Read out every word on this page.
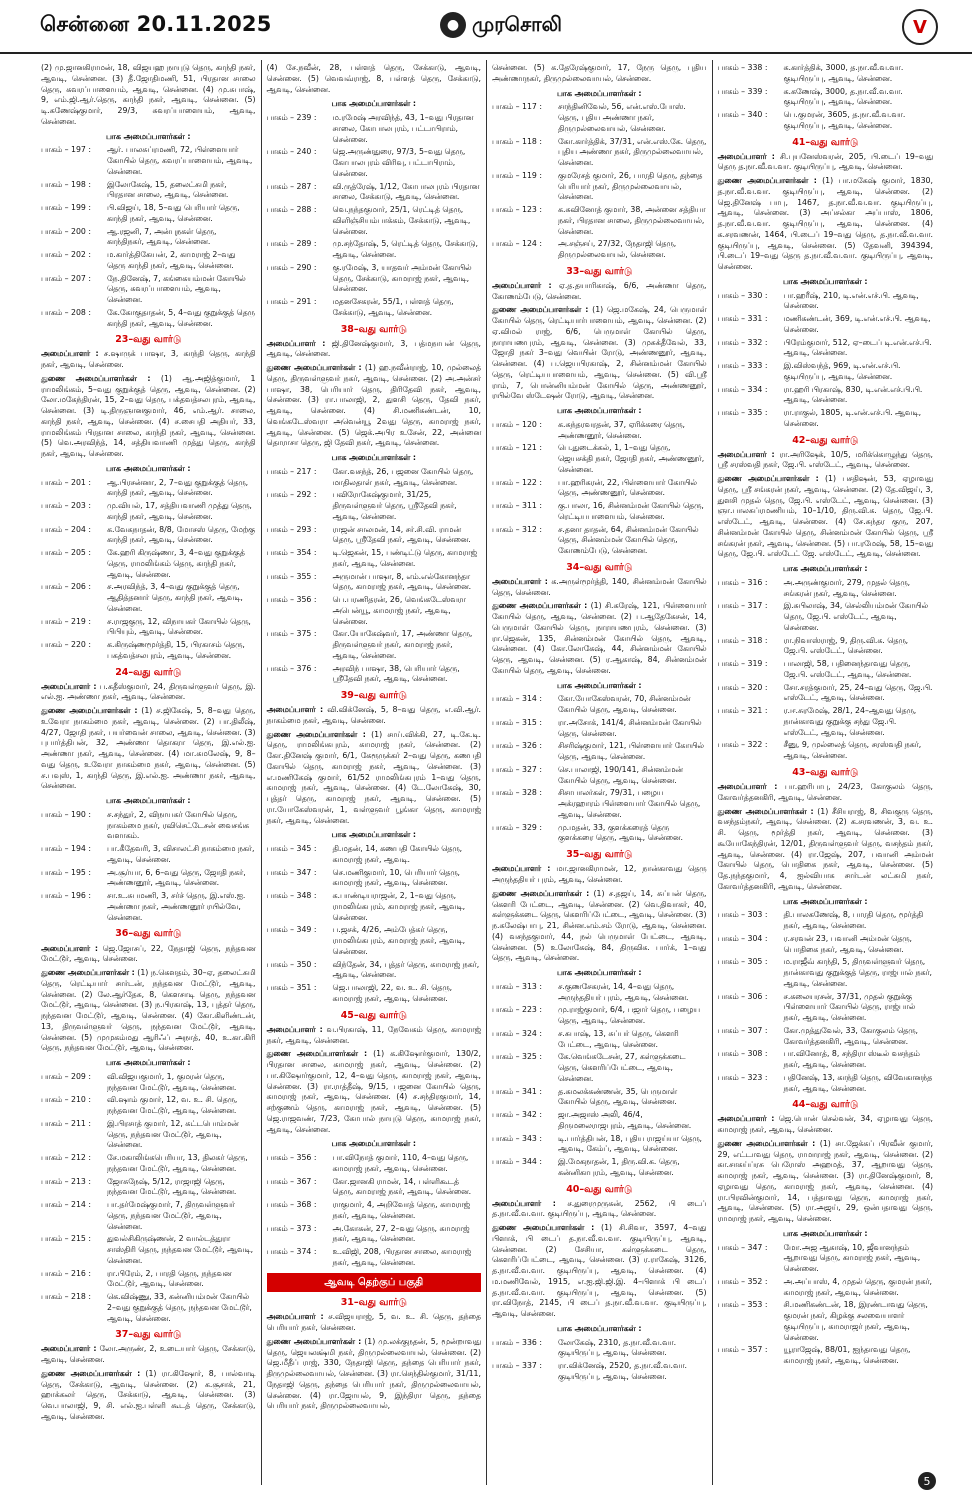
சென்னை 20.11.2025	● முரசொலி	V

(2) மு.ஜானகிராமன், 18, விஜயஹ நாயுடு தெரு, காந்தி நகர், ஆவடி, சென்னை. (3) தீ.ஜோதிமணி, 51, பிரதான சாலை தெரு, கவரப்பாளையம், ஆவடி, சென்னை. (4) மு.சுபாஷ், 9, எம்.ஜி.ஆர்.தெரு, காந்தி நகர், ஆவடி, சென்னை. (5) டி.கணேஷ்குமார், 29/3, சுவரப்பாளையம், ஆவடி, சென்னை.

பாக அமைப்பாளர்கள் :
பாகம் – 197 :	ஆர். பாலசுப்ரமணி, 72, பிள்ளையார் கோயில் தெரு, கவரப்பாளையம், ஆவடி, சென்னை.
பாகம் – 198 :	இலோகேஷ், 15, தலைட்சுமி நகர், பிரதான சாலை, ஆவடி, சென்னை.
பாகம் – 199 :	பி.விஜய், 18, 5–வது பெரியார் தெரு, காந்தி நகர், ஆவடி, சென்னை.
பாகம் – 200 :	ஆ.ரஜனி, 7, அன்புநகள் தெரு, காந்திநகர், ஆவடி, சென்னை.
பாகம் – 202 :	ம.கார்த்திகேயன், 2, காமராஜ் 2–வது தெரு காந்தி நகர், ஆவடி, சென்னை.
பாகம் – 207 :	நே.தினேஷ், 7, கங்கையம்மன் கோயில் தெரு, கவரப்பாளையம், ஆவடி, சென்னை.
பாகம் – 208 :	கே.கோகுதாதன், 5, 4–வது குறுக்குத் தெரு காந்தி நகர், ஆவடி, சென்னை.
23–வது வார்டு

அமைப்பாளர் : ச.ஷாருக் பாஷா, 3, காந்தி தெரு, காந்தி நகர், ஆவடி, சென்னை.

துணை அமைப்பாளர்கள் : (1) ஆ.அஜித்குமார், 1 ராமலிங்கம், 5–வது குறுக்குத் தெரு, ஆவடி, சென்னை. (2) லோ.மகேந்திரன், 15, 2–வது தெரு, பக்தவத்சலபுரம், ஆவடி, சென்னை. (3) டி.திருஞானகுமார், 46, எம்.ஆர். சாலை, காந்தி நகர், ஆவடி, சென்னை. (4) ச.சைபதி அதியர், 33, ராமலிங்கம் பிரதான சாலை, காந்தி நகர், ஆவடி, சென்னை. (5) வெ.அரவிந்த், 14, சத்தியவாணி முத்து தெரு, காந்தி நகர், ஆவடி, சென்னை.

பாக அமைப்பாளர்கள் :
பாகம் – 201 :	ஆ.பிரசன்னா, 2, 7–வது குறுக்குத் தெரு, காந்தி நகர், ஆவடி, சென்னை.
பாகம் – 203 :	மு.வியல், 17, சத்தியவாணி முத்து தெரு, காந்தி நகர், ஆவடி, சென்னை.
பாகம் – 204 :	க.வேகநாதன், 8/8, மோசஸ் தெரு, மேற்கு காந்தி நகர், ஆவடி, சென்னை.
பாகம் – 205 :	கே.ஹரி கிருஷ்ணா, 3, 4–வது குறுக்குத் தெரு, ராமலிங்கம் தெரு, காந்தி நகர், ஆவடி, சென்னை.
பாகம் – 206 :	ச.அரவிந்த், 3, 4–வது குறுக்குத் தெரு, ஆதித்தனார் தெரு, காந்தி நகர், ஆவடி, சென்னை.
பாகம் – 219 :	ச.ராஜகுரு, 12, விநாயகர் கோயில் தெரு, பிபியும், ஆவடி, சென்னை.
பாகம் – 220 :	க.கிருஷ்ணமூர்த்தி, 15, பிரகாசம் தெரு, பகத்வத்சலபுரம், ஆவடி, சென்னை.
24–வது வார்டு

அமைப்பாளர் : ப.கதீஸ்குமார், 24, திருவள்ளுவர் தெரு, இ. எல்.ஐ. அண்ணா நகர், ஆவடி, சென்னை.

துணை அமைப்பாளர்கள் : (1) ச.ஜிகேஷ், 5, 8–வது தெரு, உவேரா நாகம்மை நகர், ஆவடி, சென்னை. (2) பா.திலீஷ், 4/27, ஜோதி நகர், பயர்வைன் சாலை, ஆவடி, சென்னை. (3) புபார்த்திபன், 32, அண்ணா தொகரா தெரு, இ.எல்.ஐ. அண்ணா நகர், ஆவடி, சென்னை. (4) மா.கமலேஷ், 9, 8–வது தெரு, உவேரா நாகம்மை நகர், ஆவடி, சென்னை. (5) ச.பவுஸ், 1, காந்தி தெரு, இ.எல்.ஐ. அண்ணா நகர், ஆவடி, சென்னை.

பாக அமைப்பாளர்கள் :
பாகம் – 190 :	ச.சந்துர், 2, விநாயகர் கோயில் தெரு, நாகம்மை நகர், ரவிசெட்டேசன் வைசங்க வளாகம்.
பாகம் – 194 :	பா.கீதேவரி, 3, விசாலட்சி நாகம்மை நகர், ஆவடி, சென்னை.
பாகம் – 195 :	அ.சூர்யா, 6, 6–வது தெரு, ஜோதி நகர், அண்ணனூர், ஆவடி, சென்னை.
பாகம் – 196 :	சா.உ.சுபமணி, 3, சர்ச் தெரு, இ.எஸ்.ஐ. அண்ணா நகர், அண்ணனூர் ரயில்வே, சென்னை.
36–வது வார்டு

அமைப்பாளர் : ஜெ.ஜோசப், 22, நேதாஜி தெரு, நந்தவன மேட்டூர், ஆவடி, சென்னை.

துணை அமைப்பாளர்கள் : (1) ந.கௌதம், 30–ஏ, தலைட்சுமி தெரு, ரெட்டியார் சார்டன், நந்தவன மேட்டூர், ஆவடி, சென்னை. (2) லே.ஆர்தேசு, 8, கௌசாடி தெரு, நந்தவன மேட்டூர், ஆவடி, சென்னை. (3) ந.பிரகாஷ், 13, புத்தர் தெரு, நந்தவன மேட்டூர், ஆவடி, சென்னை. (4) கோ.கிளிண்டன், 13, திருவள்ளுவர் தெரு, நந்தவன மேட்டூர், ஆவடி, சென்னை. (5) முமுகம்மது ஆரிஃப் அநாத், 40, உ.கா.கிரி தெரு, நந்தவன மேட்டூர், ஆவடி, சென்னை.

பாக அமைப்பாளர்கள் :
பாகம் – 209 :	வி.விஜயகுமார், 1, குமரன் தெரு, நந்தவன மேட்டூர், ஆவடி, சென்னை.
பாகம் – 210 :	வி.ஷாம் குமார், 12, வ. உ. சி. தெரு, நந்தவன மேட்டூர், ஆவடி, சென்னை.
பாகம் – 211 :	இ.பிரசாத் குமார், 12, கட்டபொம்மன் தெரு, நந்தவன மேட்டூர், ஆவடி, சென்னை.
பாகம் – 212 :	சே.மகாலிங்கபெரியா, 13, திலகர் தெரு, நந்தவன மேட்டூர், ஆவடி, சென்னை.
பாகம் – 213 :	ஜோசுநேஷ், 5/12, ராஜாஜி தெரு, நந்தவன மேட்டூர், ஆவடி, சென்னை.
பாகம் – 214 :	பா.தர்மேஷ்குமார், 7, திருவள்ளுவர் தெரு, நந்தவன மேட்டூர், ஆவடி, சென்னை.
பாகம் – 215 :	துவல்சிகிருஷ்ணன், 2 வால்டத்துரா சாஸ்திரி தெரு, நந்தவன மேட்டூர், ஆவடி, சென்னை.
பாகம் – 216 :	ரா.பிரேம், 2, பாரதி தெரு, நந்தவன மேட்டூர், ஆவடி, சென்னை.
பாகம் – 218 :	கெ.விஷ்ணு, 33, கன்னியம்மன் கோயில் 2–வது குறுக்குத் தெரு, நந்தவன மேட்டூர், ஆவடி, சென்னை.
37–வது வார்டு

அமைப்பாளர் : லோ.அருண், 2, உடையார் தெரு, சேக்காடு, ஆவடி, சென்னை.

துணை அமைப்பாளர்கள் : (1) ரா.கிஷோர், 8, பால்வாடி தெரு, சேக்காடு, ஆவடி, சென்னை. (2) க.சூசாக், 21, ஹாக்கலர் தெரு, சேக்காடு, ஆவடி, சென்னை. (3) வெ.பாலாஜி, 9, சி. எல்.ஐ.பள்ளி கூடத் தெரு, சேக்காடு, ஆவடி, சென்னை.

(4) சே.நவீன், 28, பள்ளத் தெரு, சேக்காடு, ஆவடி, சென்னை. (5) வெவவ்ராஜ், 8, பள்ளத் தெரு, சேக்காடு, ஆவடி, சென்னை.

பாக அமைப்பாளர்கள் :
பாகம் – 239 :	ம.ரமேஷ் அரவிந்த், 43, 1–வது பிரதான சாலை, கோபாலபுரம், பட்டாபிராம், சென்னை.
பாகம் – 240 :	ஜெ.அருண்துரை, 97/3, 5–வது தெரு, கோபாலபுரம் விரிவு, பட்டாபிராம், சென்னை.
பாகம் – 287 :	வி.ருத்ரேஷ், 1/12, கோபாலபுரம் பிரதான சாலை, சேக்காடு, ஆவடி, சென்னை.
பாகம் – 288 :	வெ.நந்தகுமார், 25/1, ரெட்டித் தெரு, விளிஞ்சியம்பாக்கம், சேக்காடு, ஆவடி, சென்னை.
பாகம் – 289 :	மு.சந்தோஷ், 5, ரெட்டித் தெரு, சேக்காடு, ஆவடி, சென்னை.
பாகம் – 290 :	கு.ரமேஷ், 3, யாதவர் அம்மன் கோயில் தெரு, சேக்காடு, காமராஜ் நகர், ஆவடி, சென்னை.
பாகம் – 291 :	மதனசேகரன், 55/1, பள்ளத் தெரு, சேக்காடு, ஆவடி, சென்னை.
38–வது வார்டு

அமைப்பாளர் : ஜி.தினேஷ்குமார், 3, பத்மநாபன் தெரு, ஆவடி, சென்னை.

துணை அமைப்பாளர்கள் : (1) ஹ.நவீன்ராஜ், 10, முல்லைத் தெரு, திருவள்ளுவர் நகர், ஆவடி, சென்னை. (2) அ.அன்சர் பாஷா, 38, பெரியார் தெரு, திரிதேவி நகர், ஆவடி, சென்னை. (3) ரா.பாலாஜி, 2, துளசி தெரு, தேவி நகர், ஆவடி, சென்னை. (4) சி.மணிகண்டன், 10, வெங்கடேஸ்வரா அவென்யூ 2வது தெரு, காமராஜ் நகர், ஆவடி, சென்னை. (5) ஜெக்.அபிர உசேன், 22, அன்னை தொராசா தெரு, ஜி தேவி நகர், ஆவடி, சென்னை.

பாக அமைப்பாளர்கள் :
பாகம் – 217 :	கோ.வசந்த், 26, பஜனை கோயில் தெரு, மாதிலதாள் நகர், ஆவடி, சென்னை.
பாகம் – 292 :	பவிரோகேஷ்குமார், 31/25, திருவள்ளுவர் தெரு, ஸ்ரீதேவி நகர், ஆவடி, சென்னை.
பாகம் – 293 :	ராஜன் சாலமன், 14, சர்.சி.வி. ராமன் தெரு, ஸ்ரீதேவி நகர், ஆவடி, சென்னை.
பாகம் – 354 :	டி.ஜெகன், 15, பண்டிட்டு தெரு, காமராஜ் நகர், ஆவடி, சென்னை.
பாகம் – 355 :	அருமான் பாஷா, 8, எம்.எல்கோனந்தா தெரு, காமராஜ் நகர், ஆவடி, சென்னை.
பாகம் – 356 :	பெ.பரணிதரன், 26, வெங்கடேஸ்வரா அபென்யூ, காமராஜ் நகர், ஆவடி, சென்னை.
பாகம் – 375 :	கோ.யோகேஷ்வர், 17, அண்ணா தெரு, திருவள்ளுவர் நகர், காமராஜ் நகர், ஆவடி, சென்னை.
பாகம் – 376 :	அரவிந் பாஷா, 38, பெரியார் தெரு, ஸ்ரீதேவி நகர், ஆவடி, சென்னை.
39–வது வார்டு

அமைப்பாளர் : வி.விக்னேஷ், 5, 8–வது தெரு, எ.வி.ஆர். நாகம்மை நகர், ஆவடி, சென்னை.

துணை அமைப்பாளர்கள் : (1) சாய்.விக்கி, 27, டி.கே.டி. தெரு, ராமலிங்கபுரம், காமராஜ் நகர், சென்னை. (2) கோ.தினேஷ் குமார், 6/1, கேரூருக்கர் 2–வது தெரு, கணபதி கோயில் தெரு, காமராஜ் நகர், ஆவடி, சென்னை. (3) எ.மணிகேஷ் குமார், 61/52 ராமலிங்கபுரம் 1–வது தெரு, காமராஜ் நகர், ஆவடி, சென்னை. (4) டே.லோகேஷ், 30, புத்தர் தெரு, காமராஜ் நகர், ஆவடி, சென்னை. (5) ரா.யோகேஸ்வரன், 1, வள்ளுவர் பூங்கா தெரு, காமராஜ் நகர், ஆவடி, சென்னை.

பாக அமைப்பாளர்கள் :
பாகம் – 345 :	தி.மதன், 14, கணபதி கோயில் தெரு, காமராஜ் நகர், ஆவடி.
பாகம் – 347 :	செ.மணிகுமார், 10, பெரியார் தெரு, காமராஜ் நகர், ஆவடி, சென்னை.
பாகம் – 348 :	க.பாண்டியராஜன், 2, 1–வது தெரு, ராமலிங்கபுரம், காமராஜ் நகர், ஆவடி, சென்னை.
பாகம் – 349 :	ப.ஜசக், 4/26, அம்பேத்கர் தெரு, ராமலிங்கபுரம், காமராஜ் நகர், ஆவடி, சென்னை.
பாகம் – 350 :	விந்தேன், 34, புத்தர் தெரு, காமராஜ் நகர், ஆவடி, சென்னை.
பாகம் – 351 :	ஜெ.பாலாஜி, 22, வ. உ. சி. தெரு, காமராஜ் நகர், ஆவடி, சென்னை.
45–வது வார்டு

அமைப்பாளர் : வ.பிரகாஷ், 11, நேவேகம் தெரு, காமராஜ் நகர், ஆவடி, சென்னை.

துணை அமைப்பாளர்கள் : (1) க.கிஷோர்குமார், 130/2, பிரதான சாலை, காமராஜ் நகர், ஆவடி, சென்னை. (2) பா.கிஷோர்குமார், 12, 4–வது தெரு, காமராஜ் நகர், ஆவடி, சென்னை. (3) ரா.ராத்தீஷ், 9/15, பஜனை கோயில் தெரு, காமராஜ் நகர், ஆவடி, சென்னை. (4) ச.சந்திரகுமார், 14, சற்குணம் தெரு, காமராஜ் நகர், ஆவடி, சென்னை. (5) ஜெ.ராஜவண், 7/23, கோபால் நாயுடு தெரு, காமராஜ் நகர், ஆவடி, சென்னை.

பாக அமைப்பாளர்கள் :
பாகம் – 356 :	பா.விநோத் குமார், 110, 4–வது தெரு, காமராஜ் நகர், ஆவடி, சென்னை.
பாகம் – 367 :	கோ.ஜானகி ராமன், 14, பள்ளிகூடத் தெரு, காமராஜ் நகர், ஆவடி, சென்னை.
பாகம் – 368 :	ராகுமார், 4, அறிவோத் தெரு, காமராஜ் நகர், ஆவடி, சென்னை.
பாகம் – 373 :	அ.கோகன், 27, 2–வது தெரு, காமராஜ் நகர், ஆவடி, சென்னை.
பாகம் – 374 :	உ.விஜி, 208, பிரதான சாலை, காமராஜ் நகர், ஆவடி, சென்னை.
ஆவடி தெற்குப் பகுதி
31–வது வார்டு

அமைப்பாளர் : ச.விஜயராஜ், 5, வ. உ. சி. தெரு, தந்தை பெரியார் நகர், சென்னை.

துணை அமைப்பாளர்கள் : (1) மு.லக்குநதன், 5, மூன்றாவது தெரு, ஜெயலக்ஷ்மி நகர், திருமுல்லைவாயல், சென்னை. (2) ஜெ.மீதீப் ராஜ், 330, நேதாஜி தெரு, தந்தை பெரியார் நகர், திருமுல்லைவாயல், சென்னை. (3) ரா.செந்தில்குமார், 31/11, நேதாஜி தெரு, தந்தை பெரியார் நகர், திருமுல்லைவாயல், சென்னை. (4) ரா.ஜோயல், 9, இந்திரா தெரு, தந்தை பெரியார் நகர், திருமுல்லைவாயல்,

சென்னை. (5) க.தேரேஷ்குமார், 17, நேரு தெரு, புதிய அண்ணாநகர், திருமுல்லைவாயல், சென்னை.

பாக அமைப்பாளர்கள் :
பாகம் – 117 :	சாந்தினிவேல், 56, என்.எஸ்.போஸ். தெரு, புதிய அண்ணா நகர், திருமுல்லைவாயல், சென்னை.
பாகம் – 118 :	கோ.கார்த்திக், 37/31, என்.எஸ்.கே. தெரு, புதிய அண்ணா நகர், திருமுல்லைவாயல், சென்னை.
பாகம் – 119 :	குமரேசத் குமார், 26, பாரதி தெரு, தந்தை பெரியார் நகர், திருமுல்லைவாயல், சென்னை.
பாகம் – 123 :	க.சுவினோத் குமார், 38, அன்னை சத்தியா நகர், பிரதான சாலை, திருமுல்லைவாயல், சென்னை.
பாகம் – 124 :	அ.சஞ்சய், 27/32, நேதாஜி தெரு, திருமுல்லைவாயல், சென்னை.
33–வது வார்டு

அமைப்பாளர் : ஏ.த.தயாரிகாஷ், 6/6, அண்ணா தெரு, கோணம்பேடு, சென்னை.

துணை அமைப்பாளர்கள் : (1) ஜெ.மகேஷ், 24, பெருமாள் கோயில் தெரு, ரெட்டியார்பாளையம், ஆவடி, சென்னை. (2) ஏ.விமல் ராஜ், 6/6, பெருமாள் கோயில் தெரு, நாராயணபுரம், ஆவடி, சென்னை. (3) முசுக்தீவேல், 33, ஜோதி நகர் 3–வது வெயின் ரோடு, அண்ணனூர், ஆவடி, சென்னை. (4) ப.ஜெயபிரகாஷ், 2, சின்னம்மன் கோயில் தெரு, ரெட்டியபாளையம், ஆவடி, சென்னை. (5) வி.ஸ்ரீ ராம், 7, பொன்னியம்மன் கோயில் தெரு, அண்ணனூர், ரயில்வே ஸ்டேஷன் ரோடு, ஆவடி, சென்னை.

பாக அமைப்பாளர்கள் :
பாகம் – 120 :	க.சுந்தரவரதன், 37, ஏரிக்கரை தெரு, அண்ணனூர், சென்னை.
பாகம் – 121 :	பெ.துடைக்கல், 1, 1–வது தெரு, ஜெயசக்தி நகர், ஜோதி நகர், அண்ணனூர், சென்னை.
பாகம் – 122 :	பா.ஹரிகரன், 22, பிள்ளையார் கோயில் தெரு, அண்ணனூர், சென்னை.
பாகம் – 311 :	கு.பாலா, 16, சின்னம்மன் கோயில் தெரு, ரெட்டியபாளையம், சென்னை.
பாகம் – 312 :	ச.தனா தாதன், 64, சின்னம்மன் கோயில் தெரு, சின்னம்மன் கோயில் தெரு, கோணம்பேடு, சென்னை.
34–வது வார்டு

அமைப்பாளர் : க.அருள்மூர்த்தி, 140, சின்னம்மன் கோயில் தெரு, சென்னை.

துணை அமைப்பாளர்கள் : (1) சி.கரேஷ், 121, பிள்ளையார் கோயில் தெரு, ஆவடி, சென்னை. (2) ப.ஆதேகேசன், 14, பெருமாள் கோயில் தெரு, நாராயணபுரம், சென்னை. (3) ரா.ஜெகன், 135, சின்னம்மன் கோயில் தெரு, ஆவடி, சென்னை. (4) கோ.லோகேஷ், 44, சின்னம்மன் கோயில் தெரு, ஆவடி, சென்னை. (5) ர.ஆகாஷ், 84, சின்னம்மன் கோயில் தெரு, ஆவடி, சென்னை.

பாக அமைப்பாளர்கள் :
பாகம் – 314 :	கோ.யோகேஸ்வரன், 70, சின்னம்மன் கோயில் தெரு, ஆவடி, சென்னை.
பாகம் – 315 :	ரா.அசோக், 141/4, சின்னம்மன் கோயில் தெரு, சென்னை.
பாகம் – 326 :	சிசரிஷ்குமார், 121, பிள்ளையார் கோயில் தெரு, ஆவடி, சென்னை.
பாகம் – 327 :	செ.பாலாஜி, 190/141, சின்னம்மன் கோயில் தெரு, ஆவடி, சென்னை.
பாகம் – 328 :	சிசாபாலர்கள், 79/31, பழைய அக்ரஹாரம் பிள்ளையார் கோயில் தெரு, ஆவடி, சென்னை.
பாகம் – 329 :	மு.மதன், 33, குளக்கரைத் தெரு குளக்கரை தெரு, ஆவடி, சென்னை.
35–வது வார்டு

அமைப்பாளர் : மா.ஜானகிராமன், 12, நான்காவது தெரு அருந்ததியர் புரம், ஆவடி, சென்னை.

துணை அமைப்பாளர்கள் : (1) ச.தஜய், 14, சுப்பன் தெரு, கௌரி பேட்டை, ஆவடி, சென்னை. (2) வெ.திவாகர், 40, கள்ளுக்கடை தெரு, கௌரிப்பேட்டை, ஆவடி, சென்னை. (3) ந.கலேஷ்பாபு, 21, சின்ன.எம்.சம் ரோடு, ஆவடி, சென்னை. (4) வசந்தகுமார், 44, நல் பெருமாள் பேட்டை, ஆவடி, சென்னை. (5) உலோகேஷ், 84, திருவிக. பார்க், 1–வது தெரு, ஆவடி, சென்னை.

பாக அமைப்பாளர்கள் :
பாகம் – 313 :	ச.குணசேகரன், 14, 4–வது தெரு, அருந்ததியர் புரம், ஆவடி, சென்னை.
பாகம் – 223 :	மு.ராஜ்குமார், 6/4, பஜார் தெரு, பழைய தெரு, ஆவடி, சென்னை.
பாகம் – 324 :	ச.சுபாஷ், 13, சுப்பர் தெரு, கௌரி பேட்டை, ஆவடி, சென்னை.
பாகம் – 325 :	கே.வெங்கடேசன், 27, கள்ளுக்கடை தெரு, கௌரிப்பேட்டை, ஆவடி, சென்னை.
பாகம் – 341 :	த.கமலக்கண்ணன், 35, பெருமாள் கோயில் தெரு, ஆவடி, சென்னை.
பாகம் – 342 :	ஜா.அஜாஸ் அலி, 46/4, திருமலைராஜபுரம், ஆவடி, சென்னை.
பாகம் – 343 :	டி.பார்த்திபன், 18, புதிய ராஜய்யா தெரு, ஆவடி, கேம்ப், ஆவடி, சென்னை.
பாகம் – 344 :	இ.மேகநாதன், 1, திரு.வி.க. தெரு, கன்னிகாபுரம், ஆவடி, சென்னை.
40–வது வார்டு

அமைப்பாளர் : ச.துரைமுருகன், 2562, பி டைப் த.நா.வீ.வ.வா. குடியிருப்பு, ஆவடி, சென்னை.

துணை அமைப்பாளர்கள் : (1) சி.சிவா, 3597, 4–வது பிளாக், பி டைப் த.நா.வீ.வ.வா. குடியிருப்பு, ஆவடி, சென்னை. (2) சேசியா, கள்ளுக்கடை தெரு, கௌரிப்பேட்டை, ஆவடி, சென்னை. (3) ர.ராகேஷ், 3126, த.நா.வீ.வ.வா. குடியிருப்பு, ஆவடி, சென்னை. (4) ம.மணிவேல், 1915, எ.ஐ.ஜி.ஜி.இ. 4–பிளாக் பி டைப் த.நா.வீ.வ.வா. குடியிருப்பு, ஆவடி, சென்னை. (5) ரா.விநோத், 2145, பி டைப் த.நா.வீ.வ.வா. குடியிருப்பு, ஆவடி, சென்னை.

பாக அமைப்பாளர்கள் :
பாகம் – 336 :	லோகேஷ், 2310, த.நா.வீ.வ.வா. குடியிருப்பு, ஆவடி, சென்னை.
பாகம் – 337 :	ரா.விக்னேஷ், 2520, த.நா.வீ.வ.வா. குடியிருப்பு, ஆவடி, சென்னை.
பாகம் – 338 :	க.கார்த்திக், 3000, த.நா.வீ.வ.வா. குடியிருப்பு, ஆவடி, சென்னை.
பாகம் – 339 :	க.கணேஷ், 3000, த.நா.வீ.வ.வா. குடியிருப்பு, ஆவடி, சென்னை.
பாகம் – 340 :	பெ.குமரன், 3605, த.நா.வீ.வ.வா. குடியிருப்பு, ஆவடி, சென்னை.
41–வது வார்டு

அமைப்பாளர் : சி.புயனேஸ்வரன், 205, பி.டைப் 19–வது தெரு த.நா.வீ.வ.வா. குடியிருப்பு, ஆவடி, சென்னை.

துணை அமைப்பாளர்கள் : (1) பா.மகேஷ் குமார், 1830, த.நா.வீ.வ.வா. குடியிருப்பு, ஆவடி, சென்னை. (2) ஜெ.தினேஷ் பாபு, 1467, த.நா.வீ.வ.வா. குடியிருப்பு, ஆவடி, சென்னை. (3) அப்சல்கா அப்பாஸ், 1806, த.நா.வீ.வ.வா. குடியிருப்பு, ஆவடி, சென்னை. (4) க.சரவணன், 1464, பி.டைப் 19–வது தெரு, த.நா.வீ.வ.வா. குடியிருப்பு, ஆவடி, சென்னை. (5) தேவனி, 394394, பி.டைப் 19–வது தெரு த.நா.வீ.வ.வா. குடியிருப்பு, ஆவடி, சென்னை.

பாக அமைப்பாளர்கள் :
பாகம் – 330 :	பா.ஹரீஷ், 210, டி.என்.எச்.பி. ஆவடி, சென்னை.
பாகம் – 331 :	மணிகண்டன், 369, டி.என்.எச்.பி. ஆவடி, சென்னை.
பாகம் – 332 :	பிரேம்குமார், 512, ஏ–டைப் டி.என்.எச்.பி. ஆவடி, சென்னை.
பாகம் – 333 :	இ.விஸ்வந்த், 969, டி.என்.எச்.பி. குடியிருப்பு, ஆவடி, சென்னை.
பாகம் – 334 :	ரா.ஹரி பிரகாஷ், 830, டி.என்.எச்.பி.பி. ஆவடி, சென்னை.
பாகம் – 335 :	ரா.ராகுல், 1805, டி.என்.எச்.பி. ஆவடி, சென்னை.
42–வது வார்டு

அமைப்பாளர் : ரா.அரிஷேக், 10/5, மரிக்கொழுந்து தெரு, ஸ்ரீ சரஸ்வதி நகர், ஜே.பி. எஸ்டேட், ஆவடி, சென்னை.

துணை அமைப்பாளர்கள் : (1) பசதிஷன், 53, ஏழாவது தெரு, ஸ்ரீ சங்கரன் நகர், ஆவடி, சென்னை. (2) தே.விஜய், 3, துளசி முதல் தெரு, ஜே.பி. எஸ்டேட், ஆவடி, சென்னை. (3) ஞா.பாலசுப்ரமணியம், 10–1/10, திரு.வி.க. தெரு, ஜே.பி. எஸ்டேட், ஆவடி, சென்னை. (4) சே.சுந்தர குரு, 207, சின்னம்மன் கோயில் தெரு, சின்னம்மன் கோயில் தெரு, ஸ்ரீ சங்கரன் நகர், ஆவடி, சென்னை. (5) பா.ரமேஷ், 58, 15–வது தெரு, ஜே.பி. எஸ்டேட் ஜே. எஸ்டேட், ஆவடி, சென்னை.

பாக அமைப்பாளர்கள் :
பாகம் – 316 :	அ.அருண்குமார், 279, முதல் தெரு, சங்கரன் நகர், ஆவடி, சென்னை.
பாகம் – 317 :	இ.சுபிலாஷ், 34, செல்லியம்மன் கோயில் தெரு, ஜே.பி. எஸ்டேட், ஆவடி, சென்னை.
பாகம் – 318 :	ரா.நிவாஸ்ராஜ், 9, திரு.வி.க. தெரு, ஜே.பி. எஸ்டேட், சென்னை.
பாகம் – 319 :	பாலாஜி, 58, பதினைந்தாவது தெரு, ஜே.பி. எஸ்டேட், ஆவடி, சென்னை.
பாகம் – 320 :	சோ.சரத்குமார், 25, 24–வது தெரு, ஜே.பி. எஸ்டேட், ஆவடி, சென்னை.
பாகம் – 321 :	ர.ஈ.சுரமேஷ், 28/1, 24–ஆவது தெரு, நான்காவது குறுக்கு சந்து ஜே.பி. எஸ்டேட், ஆவடி, சென்னை.
பாகம் – 322 :	சீனு, 9, முல்லைத் தெரு, சரஸ்வதி நகர், ஆவடி, சென்னை.
43–வது வார்டு

அமைப்பாளர் : பா.ஹரிபாபு, 24/23, கோகுலம் தெரு, கோவர்த்தனகிரி, ஆவடி, சென்னை.

துணை அமைப்பாளர்கள் : (1) சீசியராஜ், 8, சிவகுரு தெரு, வசந்தம்நகர், ஆவடி, சென்னை. (2) க.சரவணன், 3, வ. உ. சி. தெரு, மூர்த்தி நகர், ஆவடி, சென்னை. (3) கூயோகேந்திரன், 12/01, திருவள்ளுவர் தெரு, வசந்தம் நகர், ஆவடி, சென்னை. (4) ரா.ஜேஷ், 207, பவானி அம்மன் கோயில் தெரு, பொதிகை நகர், ஆவடி, சென்னை. (5) தே.நந்தகுமார், 4, ஐல்வியாக சார்டன் லட்சுமி நகர், கோவர்த்தனகிரி, ஆவடி, சென்னை.

பாக அமைப்பாளர்கள் :
பாகம் – 303 :	தி.பாலகணேஷ், 8, பாரதி தெரு, மூர்த்தி நகர், ஆவடி, சென்னை.
பாகம் – 304 :	ர.சரவன் 23, பவானி அம்மன் தெரு, பொதிகை நகர், ஆவடி, சென்னை.
பாகம் – 305 :	ம.ராஜீவ் காந்தி, 5, திருவள்ளுவர் தெரு, நான்காவது குறுக்குத் தெரு, ராஜ்பால் நகர், ஆவடி, சென்னை.
பாகம் – 306 :	ச.கலையரசன், 37/31, முதல் குறுக்கு பிள்ளையார் கோயில் தெரு, ராஜ்பால் நகர், ஆவடி, சென்னை.
பாகம் – 307 :	கோ.முத்துவேல், 33, கோகுலம் தெரு, கோவர்த்தனகிரி, ஆவடி, சென்னை.
பாகம் – 308 :	பா.வினோத், 8, சந்திரா ஸ்டீல் வசந்தம் நகர், ஆவடி, சென்னை.
பாகம் – 323 :	பதினேஷ், 13, காந்தி தெரு, விவேகானந்த நகர், ஆவடி, சென்னை.
44–வது வார்டு

அமைப்பாளர் : ஜெ.பொன் செல்வன், 34, ஏழாவது தெரு, காமராஜ் நகர், ஆவடி, சென்னை.

துணை அமைப்பாளர்கள் : (1) சா.ஜேக்கப் பிரவீன் குமார், 29, எட்டாவது தெரு, ராமாராஜ் நகர், ஆவடி, சென்னை. (2) கா.சாகய்ப்ரசு பெரோஸ் அஹமத், 37, ஆறாவது தெரு, காமராஜ் நகர், ஆவடி, சென்னை. (3) ரா.தினேஷ்குமார், 8, ஏழாவது தெரு, காமராஜ் நகர், ஆவடி, சென்னை. (4) ரா.பிரவின்குமார், 14, பத்தாவது தெரு, காமராஜ் நகர், ஆவடி, சென்னை. (5) ரா.அஜய், 29, ஒன்பதாவது தெரு, ராமராஜ் நகர், ஆவடி, சென்னை.

பாக அமைப்பாளர்கள் :
பாகம் – 347 :	மோ.அஜ ஆகாஷ், 10, ஜீவானந்தம் ஆறாவது தெரு, காமராஜ் நகர், ஆவடி, சென்னை.
பாகம் – 352 :	அ.அப்பாஸ், 4, முதல் தெரு, குமரன் நகர், காமராஜ் நகர், ஆவடி, சென்னை.
பாகம் – 353 :	சி.மணிகண்டன், 18, இரண்டாவது தெரு, குமரன் நகர், கிழக்கு சலவையாளர் குடியிருப்பு, காமராஜர் நகர், ஆவடி, சென்னை.
பாகம் – 357 :	யூராஜேஷ், 88/01, ஐந்தாவது தெரு, காமராஜ் நகர், ஆவடி, சென்னை.
5
